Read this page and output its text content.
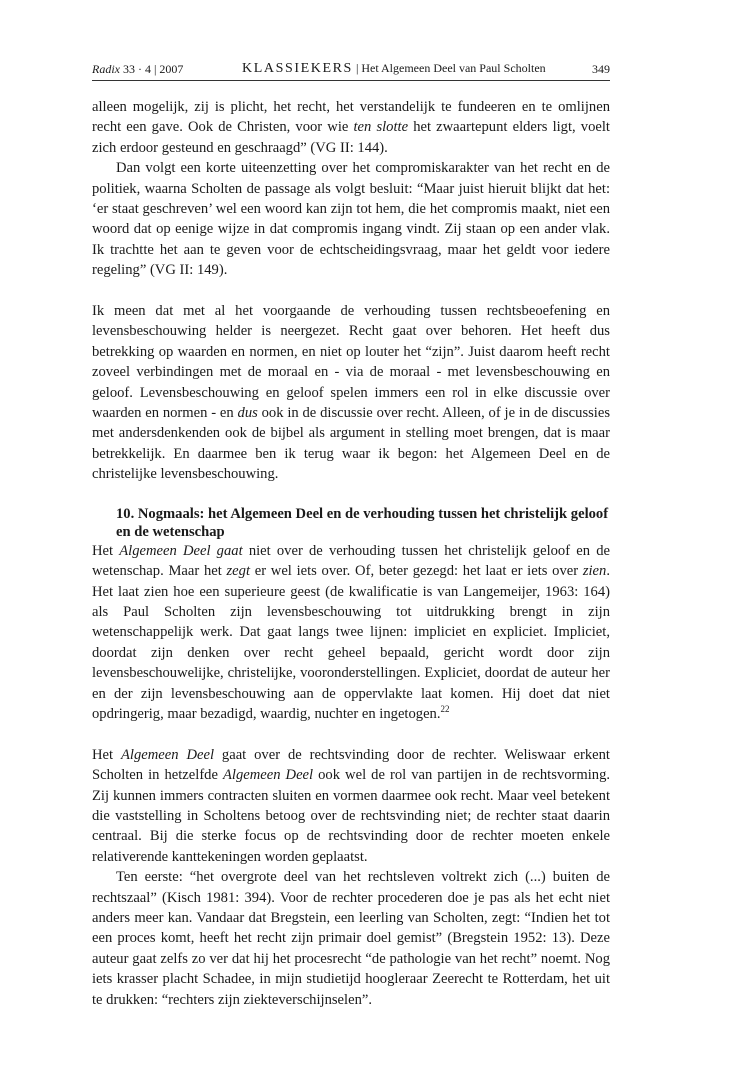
Radix 33 · 4 | 2007	KLASSIEKERS | Het Algemeen Deel van Paul Scholten	349

alleen mogelijk, zij is plicht, het recht, het verstandelijk te fundeeren en te omlijnen recht een gave. Ook de Christen, voor wie ten slotte het zwaartepunt elders ligt, voelt zich erdoor gesteund en geschraagd” (VG II: 144).

Dan volgt een korte uiteenzetting over het compromiskarakter van het recht en de politiek, waarna Scholten de passage als volgt besluit: “Maar juist hieruit blijkt dat het: ‘er staat geschreven’ wel een woord kan zijn tot hem, die het compromis maakt, niet een woord dat op eenige wijze in dat compromis ingang vindt. Zij staan op een ander vlak. Ik trachtte het aan te geven voor de echtscheidingsvraag, maar het geldt voor iedere regeling” (VG II: 149).

Ik meen dat met al het voorgaande de verhouding tussen rechtsbeoefening en levensbeschouwing helder is neergezet. Recht gaat over behoren. Het heeft dus betrekking op waarden en normen, en niet op louter het “zijn”. Juist daarom heeft recht zoveel verbindingen met de moraal en - via de moraal - met levensbeschouwing en geloof. Levensbeschouwing en geloof spelen immers een rol in elke discussie over waarden en normen - en dus ook in de discussie over recht. Alleen, of je in de discussies met andersdenkenden ook de bijbel als argument in stelling moet brengen, dat is maar betrekkelijk. En daarmee ben ik terug waar ik begon: het Algemeen Deel en de christelijke levensbeschouwing.

10. Nogmaals: het Algemeen Deel en de verhouding tussen het christelijk geloof en de wetenschap

Het Algemeen Deel gaat niet over de verhouding tussen het christelijk geloof en de wetenschap. Maar het zegt er wel iets over. Of, beter gezegd: het laat er iets over zien. Het laat zien hoe een superieure geest (de kwalificatie is van Langemeijer, 1963: 164) als Paul Scholten zijn levensbeschouwing tot uitdrukking brengt in zijn wetenschappelijk werk. Dat gaat langs twee lijnen: impliciet en expliciet. Impliciet, doordat zijn denken over recht geheel bepaald, gericht wordt door zijn levensbeschouwelijke, christelijke, vooronderstellingen. Expliciet, doordat de auteur her en der zijn levensbeschouwing aan de oppervlakte laat komen. Hij doet dat niet opdringerig, maar bezadigd, waardig, nuchter en ingetogen.$^{22}$

Het Algemeen Deel gaat over de rechtsvinding door de rechter. Weliswaar erkent Scholten in hetzelfde Algemeen Deel ook wel de rol van partijen in de rechtsvorming. Zij kunnen immers contracten sluiten en vormen daarmee ook recht. Maar veel betekent die vaststelling in Scholtens betoog over de rechtsvinding niet; de rechter staat daarin centraal. Bij die sterke focus op de rechtsvinding door de rechter moeten enkele relativerende kanttekeningen worden geplaatst.

Ten eerste: “het overgrote deel van het rechtsleven voltrekt zich (...) buiten de rechtszaal” (Kisch 1981: 394). Voor de rechter procederen doe je pas als het echt niet anders meer kan. Vandaar dat Bregstein, een leerling van Scholten, zegt: “Indien het tot een proces komt, heeft het recht zijn primair doel gemist” (Bregstein 1952: 13). Deze auteur gaat zelfs zo ver dat hij het procesrecht “de pathologie van het recht” noemt. Nog iets krasser placht Schadee, in mijn studietijd hoogleraar Zeerecht te Rotterdam, het uit te drukken: “rechters zijn ziekteverschijnselen”.
